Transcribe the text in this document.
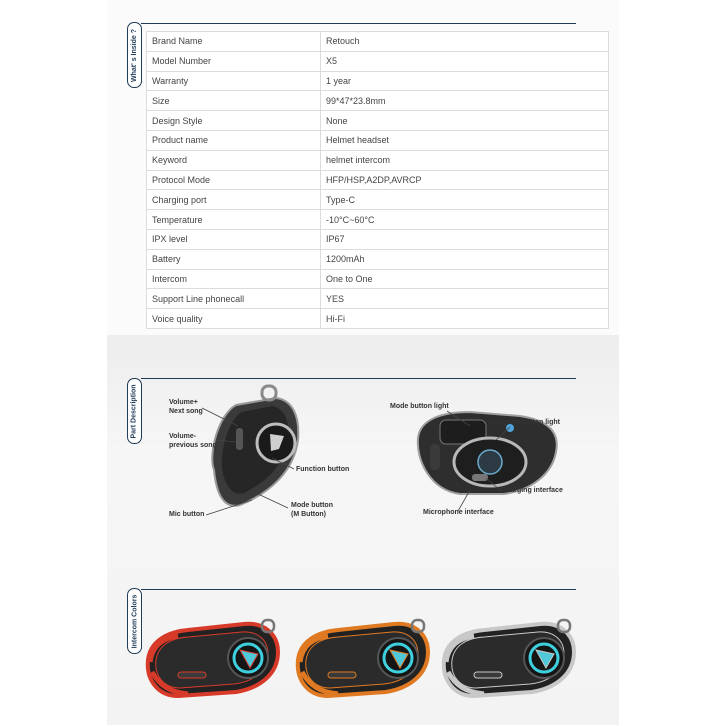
What' s Inside ? Brand Name	Retouch
Model Number	X5
Warranty	1 year
Size	99*47*23.8mm
Design Style	None
Product name	Helmet headset
Keyword	helmet intercom
Protocol Mode	HFP/HSP,A2DP,AVRCP
Charging port	Type-C
Temperature	-10°C~60°C
IPX level	IP67
Battery	1200mAh
Intercom	One to One
Support Line phonecall	YES
Voice quality	Hi-Fi
Part Description	Volume+
Next song
Volume-
previous song
Function button
Mode button
(M Button)
Mic button
Mode button light
Function button light
Charging interface
Microphone interface
Intercom Colors
